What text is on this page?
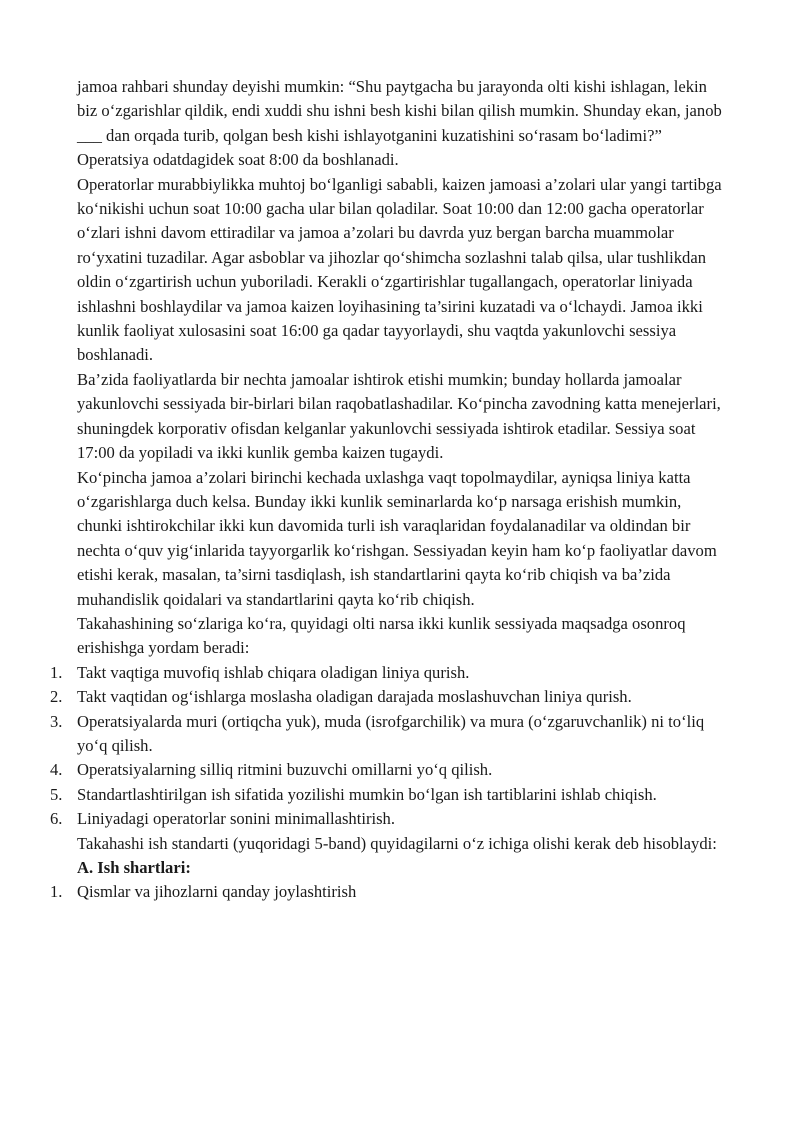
jamoa rahbari shunday deyishi mumkin: “Shu paytgacha bu jarayonda olti kishi ishlagan, lekin biz o‘zgarishlar qildik, endi xuddi shu ishni besh kishi bilan qilish mumkin. Shunday ekan, janob ___ dan orqada turib, qolgan besh kishi ishlayotganini kuzatishini so‘rasam bo‘ladimi?” Operatsiya odatdagidek soat 8:00 da boshlanadi.

Operatorlar murabbiylikka muhtoj bo‘lganligi sababli, kaizen jamoasi a’zolari ular yangi tartibga ko‘nikishi uchun soat 10:00 gacha ular bilan qoladilar. Soat 10:00 dan 12:00 gacha operatorlar o‘zlari ishni davom ettiradilar va jamoa a’zolari bu davrda yuz bergan barcha muammolar ro‘yxatini tuzadilar. Agar asboblar va jihozlar qo‘shimcha sozlashni talab qilsa, ular tushlikdan oldin o‘zgartirish uchun yuboriladi. Kerakli o‘zgartirishlar tugallangach, operatorlar liniyada ishlashni boshlaydilar va jamoa kaizen loyihasining ta’sirini kuzatadi va o‘lchaydi. Jamoa ikki kunlik faoliyat xulosasini soat 16:00 ga qadar tayyorlaydi, shu vaqtda yakunlovchi sessiya boshlanadi.

Ba’zida faoliyatlarda bir nechta jamoalar ishtirok etishi mumkin; bunday hollarda jamoalar yakunlovchi sessiyada bir-birlari bilan raqobatlashadilar. Ko‘pincha zavodning katta menejerlari, shuningdek korporativ ofisdan kelganlar yakunlovchi sessiyada ishtirok etadilar. Sessiya soat 17:00 da yopiladi va ikki kunlik gemba kaizen tugaydi.

Ko‘pincha jamoa a’zolari birinchi kechada uxlashga vaqt topolmaydilar, ayniqsa liniya katta o‘zgarishlarga duch kelsa. Bunday ikki kunlik seminarlarda ko‘p narsaga erishish mumkin, chunki ishtirokchilar ikki kun davomida turli ish varaqlaridan foydalanadilar va oldindan bir nechta o‘quv yig‘inlarida tayyorgarlik ko‘rishgan. Sessiyadan keyin ham ko‘p faoliyatlar davom etishi kerak, masalan, ta’sirni tasdiqlash, ish standartlarini qayta ko‘rib chiqish va ba’zida muhandislik qoidalari va standartlarini qayta ko‘rib chiqish.

Takahashining so‘zlariga ko‘ra, quyidagi olti narsa ikki kunlik sessiyada maqsadga osonroq erishishga yordam beradi:

1. Takt vaqtiga muvofiq ishlab chiqara oladigan liniya qurish.
2. Takt vaqtidan og‘ishlarga moslasha oladigan darajada moslashuvchan liniya qurish.
3. Operatsiyalarda muri (ortiqcha yuk), muda (isrofgarchilik) va mura (o‘zgaruvchanlik) ni to‘liq yo‘q qilish.
4. Operatsiyalarning silliq ritmini buzuvchi omillarni yo‘q qilish.
5. Standartlashtirilgan ish sifatida yozilishi mumkin bo‘lgan ish tartiblarini ishlab chiqish.
6. Liniyadagi operatorlar sonini minimallashtirish.

Takahashi ish standarti (yuqoridagi 5-band) quyidagilarni o‘z ichiga olishi kerak deb hisoblaydi:

A. Ish shartlari:

1. Qismlar va jihozlarni qanday joylashtirish
